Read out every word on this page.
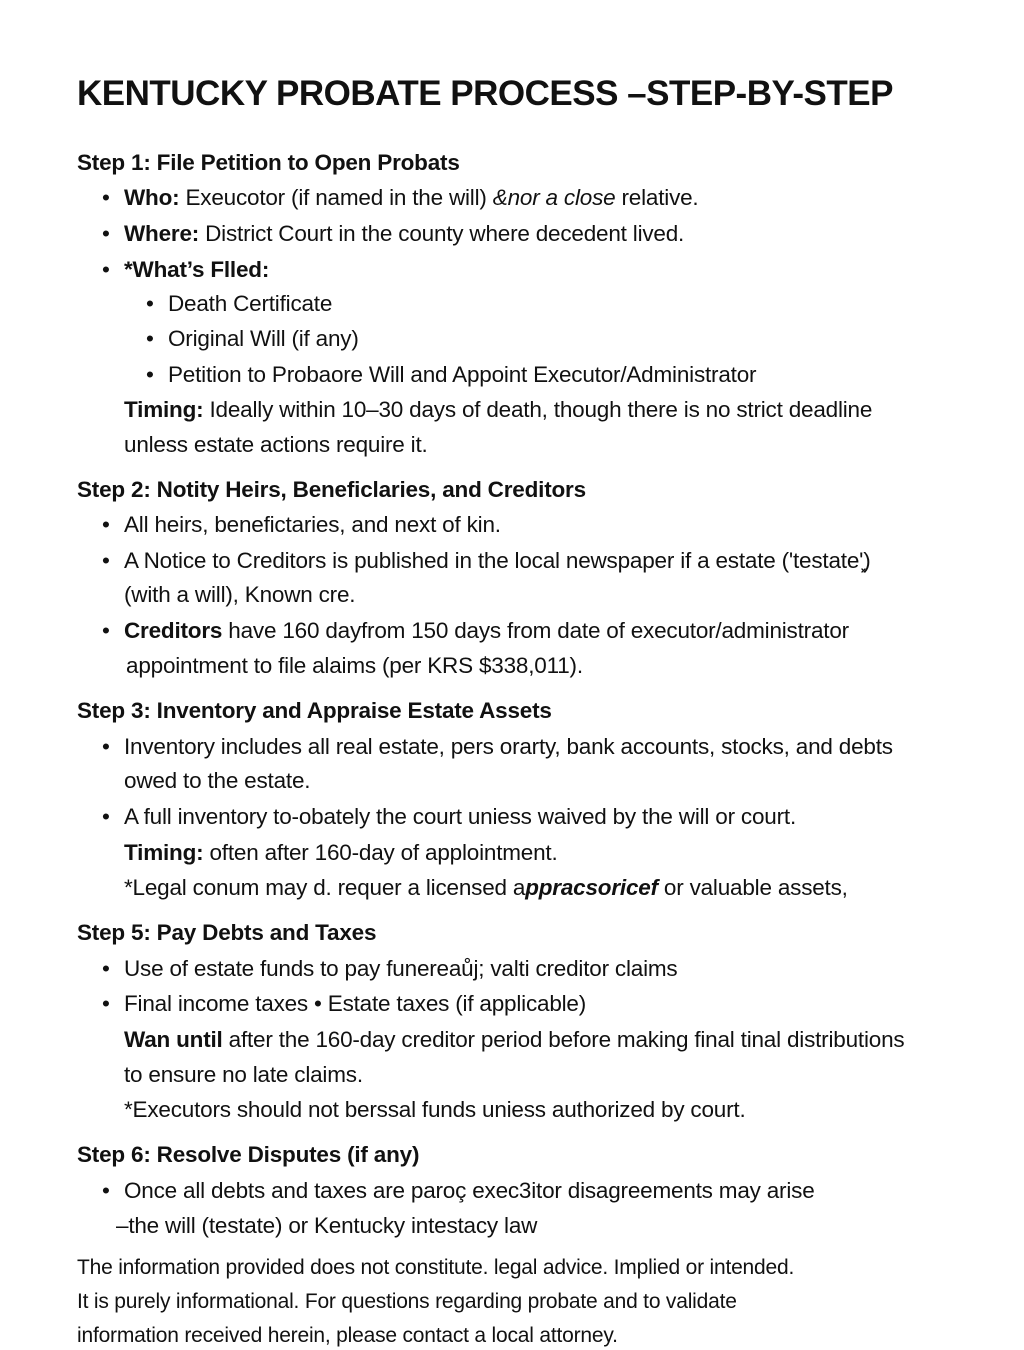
KENTUCKY PROBATE PROCESS –STEP-BY-STEP
Step 1: File Petition to Open Probats
• Who: Exeucotor (if named in the will) &nor a close relative.
• Where: District Court in the county where decedent lived.
• *What’s Flled:
• Death Certificate
• Original Will (if any)
• Petition to Probaore Will and Appoint Executor/Administrator
Timing: Ideally within 10–30 days of death, though there is no strict deadline
unless estate actions require it.
Step 2: Notity Heirs, Beneficlaries, and Creditors
• All heirs, benefictaries, and next of kin.
• A Notice to Creditors is published in the local newspaper if a estate ('testate'͓)
(with a will), Known cre.
• Creditors have 160 dayfrom 150 days from date of executor/administrator
appointment to file alaims (per KRS $338,011).
Step 3: Inventory and Appraise Estate Assets
• Inventory includes all real estate, pers orarty, bank accounts, stocks, and debts
owed to the estate.
• A full inventory to-obately the court uniess waived by the will or court.
Timing: often after 160-day of applointment.
*Legal conum may d. requer a licensed appracsoricef or valuable assets,
Step 5: Pay Debts and Taxes
• Use of estate funds to pay funereaůj; valti creditor claims
• Final income taxes • Estate taxes (if applicable)
Wan until after the 160-day creditor period before making final tinal distributions
to ensure no late claims.
*Executors should not berssal funds uniess authorized by court.
Step 6: Resolve Disputes (if any)
• Once all debts and taxes are paroç exec3itor disagreements may arise
–the will (testate) or Kentucky intestacy law
The information provided does not constitute. legal advice. Implied or intended.
It is purely informational. For questions regarding probate and to validate
information received herein, please contact a local attorney.
